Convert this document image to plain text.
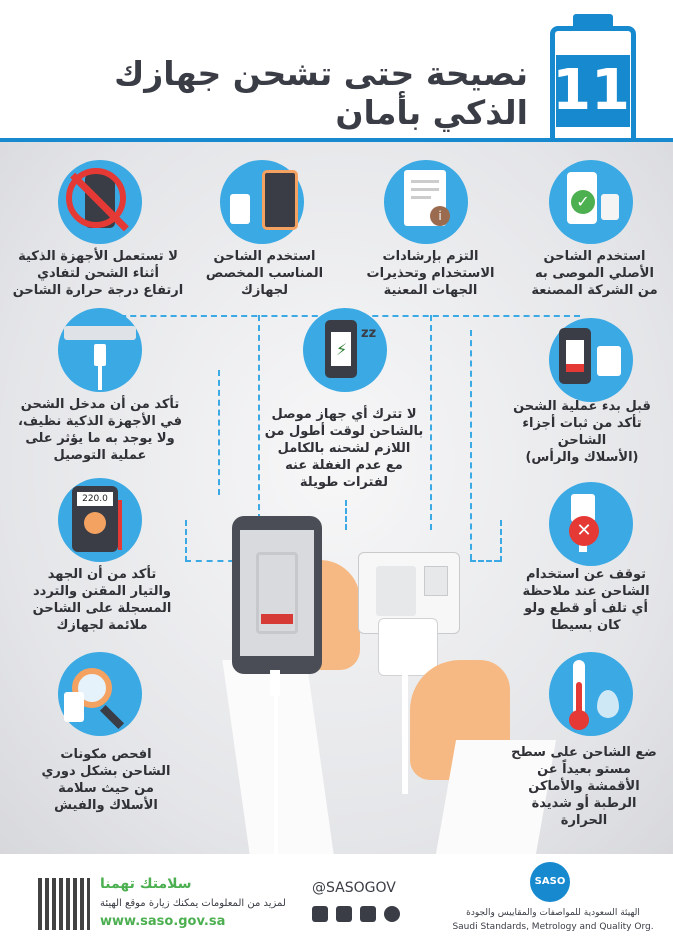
11
نصيحة حتى تشحن جهازك الذكي بأمان
✓
i
استخدم الشاحن
الأصلي الموصى به
من الشركة المصنعة
التزم بإرشادات
الاستخدام وتحذيرات
الجهات المعنية
استخدم الشاحن
المناسب المخصص
لجهازك
لا تستعمل الأجهزة الذكية
أثناء الشحن لتفادي
ارتفاع درجة حرارة الشاحن
⚡
zz
قبل بدء عملية الشحن
تأكد من ثبات أجزاء الشاحن
(الأسلاك والرأس)
لا تترك أي جهاز موصل
بالشاحن لوقت أطول من
اللازم لشحنه بالكامل
مع عدم الغفلة عنه
لفترات طويلة
تأكد من أن مدخل الشحن
في الأجهزة الذكية نظيف،
ولا يوجد به ما يؤثر على
عملية التوصيل
✕
220.0
توقف عن استخدام
الشاحن عند ملاحظة
أي تلف أو قطع ولو
كان بسيطا
تأكد من أن الجهد
والتيار المقنن والتردد
المسجلة على الشاحن
ملائمة لجهازك
ضع الشاحن على سطح
مستو بعيداً عن
الأقمشة والأماكن
الرطبة أو شديدة
الحرارة
افحص مكونات
الشاحن بشكل دوري
من حيث سلامة
الأسلاك والفيش
سلامتك تهمنا
لمزيد من المعلومات يمكنك زيارة موقع الهيئة
www.saso.gov.sa
@SASOGOV	SASO
الهيئة السعودية للمواصفات والمقاييس والجودة
Saudi Standards, Metrology and Quality Org.
